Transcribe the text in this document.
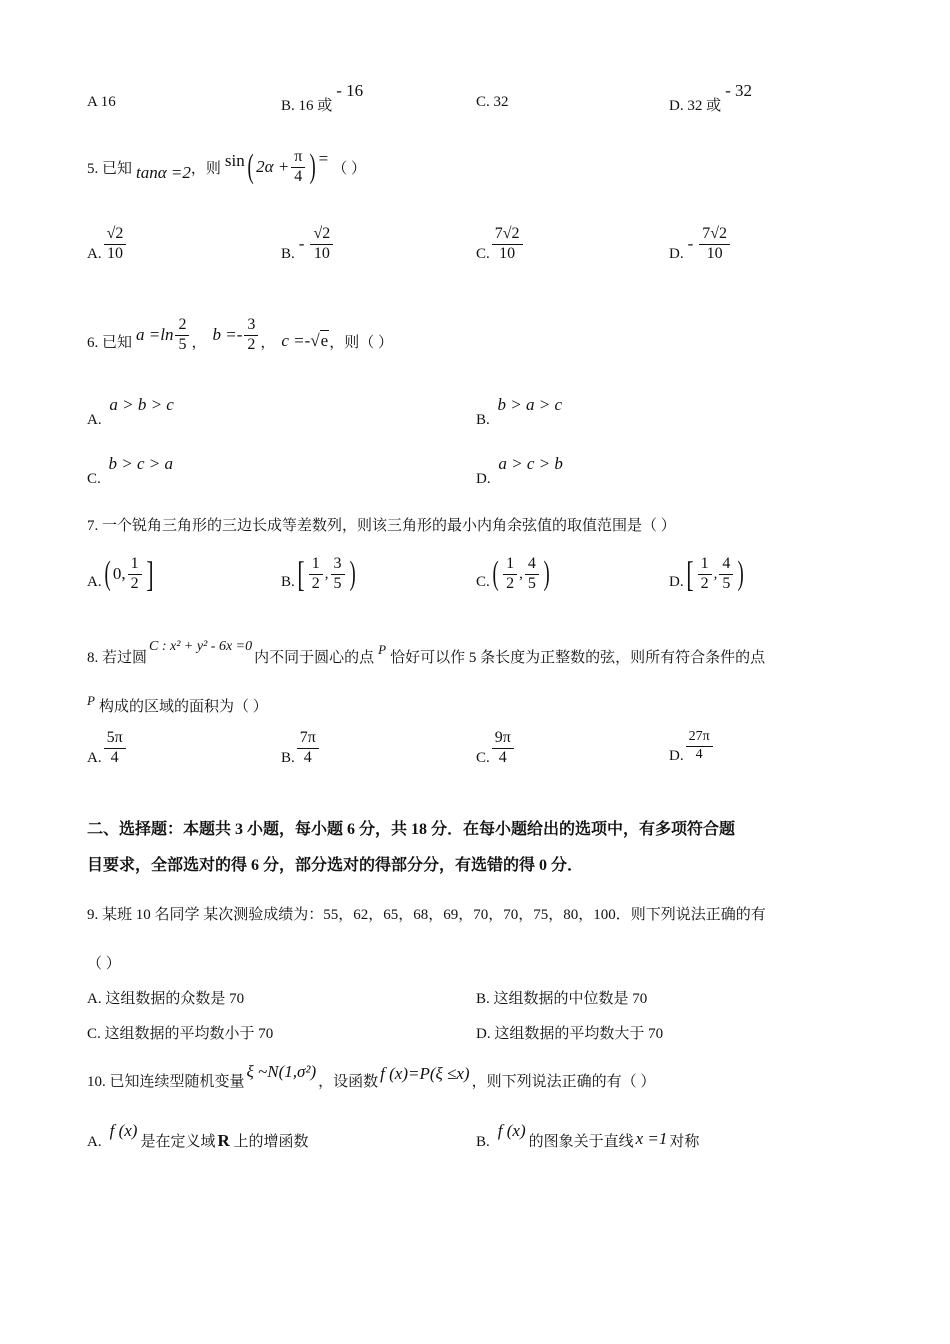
A 16	B. 16 或- 16
C. 32	D. 32 或- 32
5. 已知 tanα =2 ，则 sin ( $2\alpha + \frac{\pi}{4}$ ) =
（ ）
A. $\frac{√2}{10}$	B.
- $\frac{√2}{10}$	C. $\frac{7√2}{10}$	D.
- $\frac{7√2}{10}$
6. 已知 $a =\ln \frac{2}{5}$ ， $b =- \frac{3}{2}$ ， c =- √e ，则（ ）
A. a > b > c
B. b > a > c
C. b > c > a
D. a > c > b
7. 一个锐角三角形的三边长成等差数列，则该三角形的最小内角余弦值的取值范围是（ ）
A. ( 0, $\frac{1}{2}$ ]	B. [ $\frac{1}{2}$ , $\frac{3}{5}$ )	C. ( $\frac{1}{2}$ , $\frac{4}{5}$ )	D. [ $\frac{1}{2}$ , $\frac{4}{5}$ )
8. 若过圆C : x² + y² - 6x =0内不同于圆心的点P恰好可以作 5 条长度为正整数的弦，则所有符合条件的点
P 构成的区域的面积为（ ）
A. $\frac{5\pi}{4}$	B. $\frac{7\pi}{4}$	C. $\frac{9\pi}{4}$	D. $\frac{27\pi}{4}$
二、选择题：本题共 3 小题，每小题 6 分，共 18 分．在每小题给出的选项中，有多项符合题
目要求，全部选对的得 6 分，部分选对的得部分分，有选错的得 0 分．
9. 某班 10 名同学 某次测验成绩为：55，62，65，68，69，70，70，75，80，100．则下列说法正确的有
（ ）
A. 这组数据的众数是 70	B. 这组数据的中位数是 70
C. 这组数据的平均数小于 70	D. 这组数据的平均数大于 70
10. 已知连续型随机变量ξ ~N(1,σ²)，设函数 f (x)=P(ξ ≤x) ，则下列说法正确的有（ ）
A.f (x)是在定义域 R 上的增函数	B.f (x)的图象关于直线 x =1 对称
